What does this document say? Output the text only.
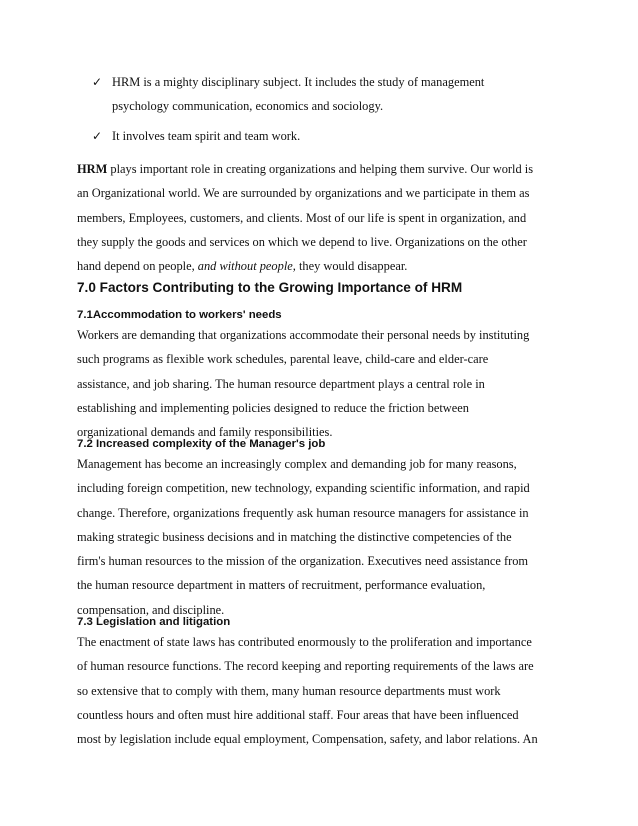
✓ HRM is a mighty disciplinary subject. It includes the study of management
psychology communication, economics and sociology.
✓ It involves team spirit and team work.

HRM plays important role in creating organizations and helping them survive. Our world is

an Organizational world. We are surrounded by organizations and we participate in them as

members, Employees, customers, and clients. Most of our life is spent in organization, and

they supply the goods and services on which we depend to live. Organizations on the other

hand depend on people, and without people, they would disappear.

7.0 Factors Contributing to the Growing Importance of HRM
7.1Accommodation to workers' needs

Workers are demanding that organizations accommodate their personal needs by instituting

such programs as flexible work schedules, parental leave, child-care and elder-care

assistance, and job sharing. The human resource department plays a central role in

establishing and implementing policies designed to reduce the friction between

organizational demands and family responsibilities.

7.2 Increased complexity of the Manager's job

Management has become an increasingly complex and demanding job for many reasons,

including foreign competition, new technology, expanding scientific information, and rapid

change. Therefore, organizations frequently ask human resource managers for assistance in

making strategic business decisions and in matching the distinctive competencies of the

firm's human resources to the mission of the organization. Executives need assistance from

the human resource department in matters of recruitment, performance evaluation,

compensation, and discipline.

7.3 Legislation and litigation

The enactment of state laws has contributed enormously to the proliferation and importance

of human resource functions. The record keeping and reporting requirements of the laws are

so extensive that to comply with them, many human resource departments must work

countless hours and often must hire additional staff. Four areas that have been influenced

most by legislation include equal employment, Compensation, safety, and labor relations. An
